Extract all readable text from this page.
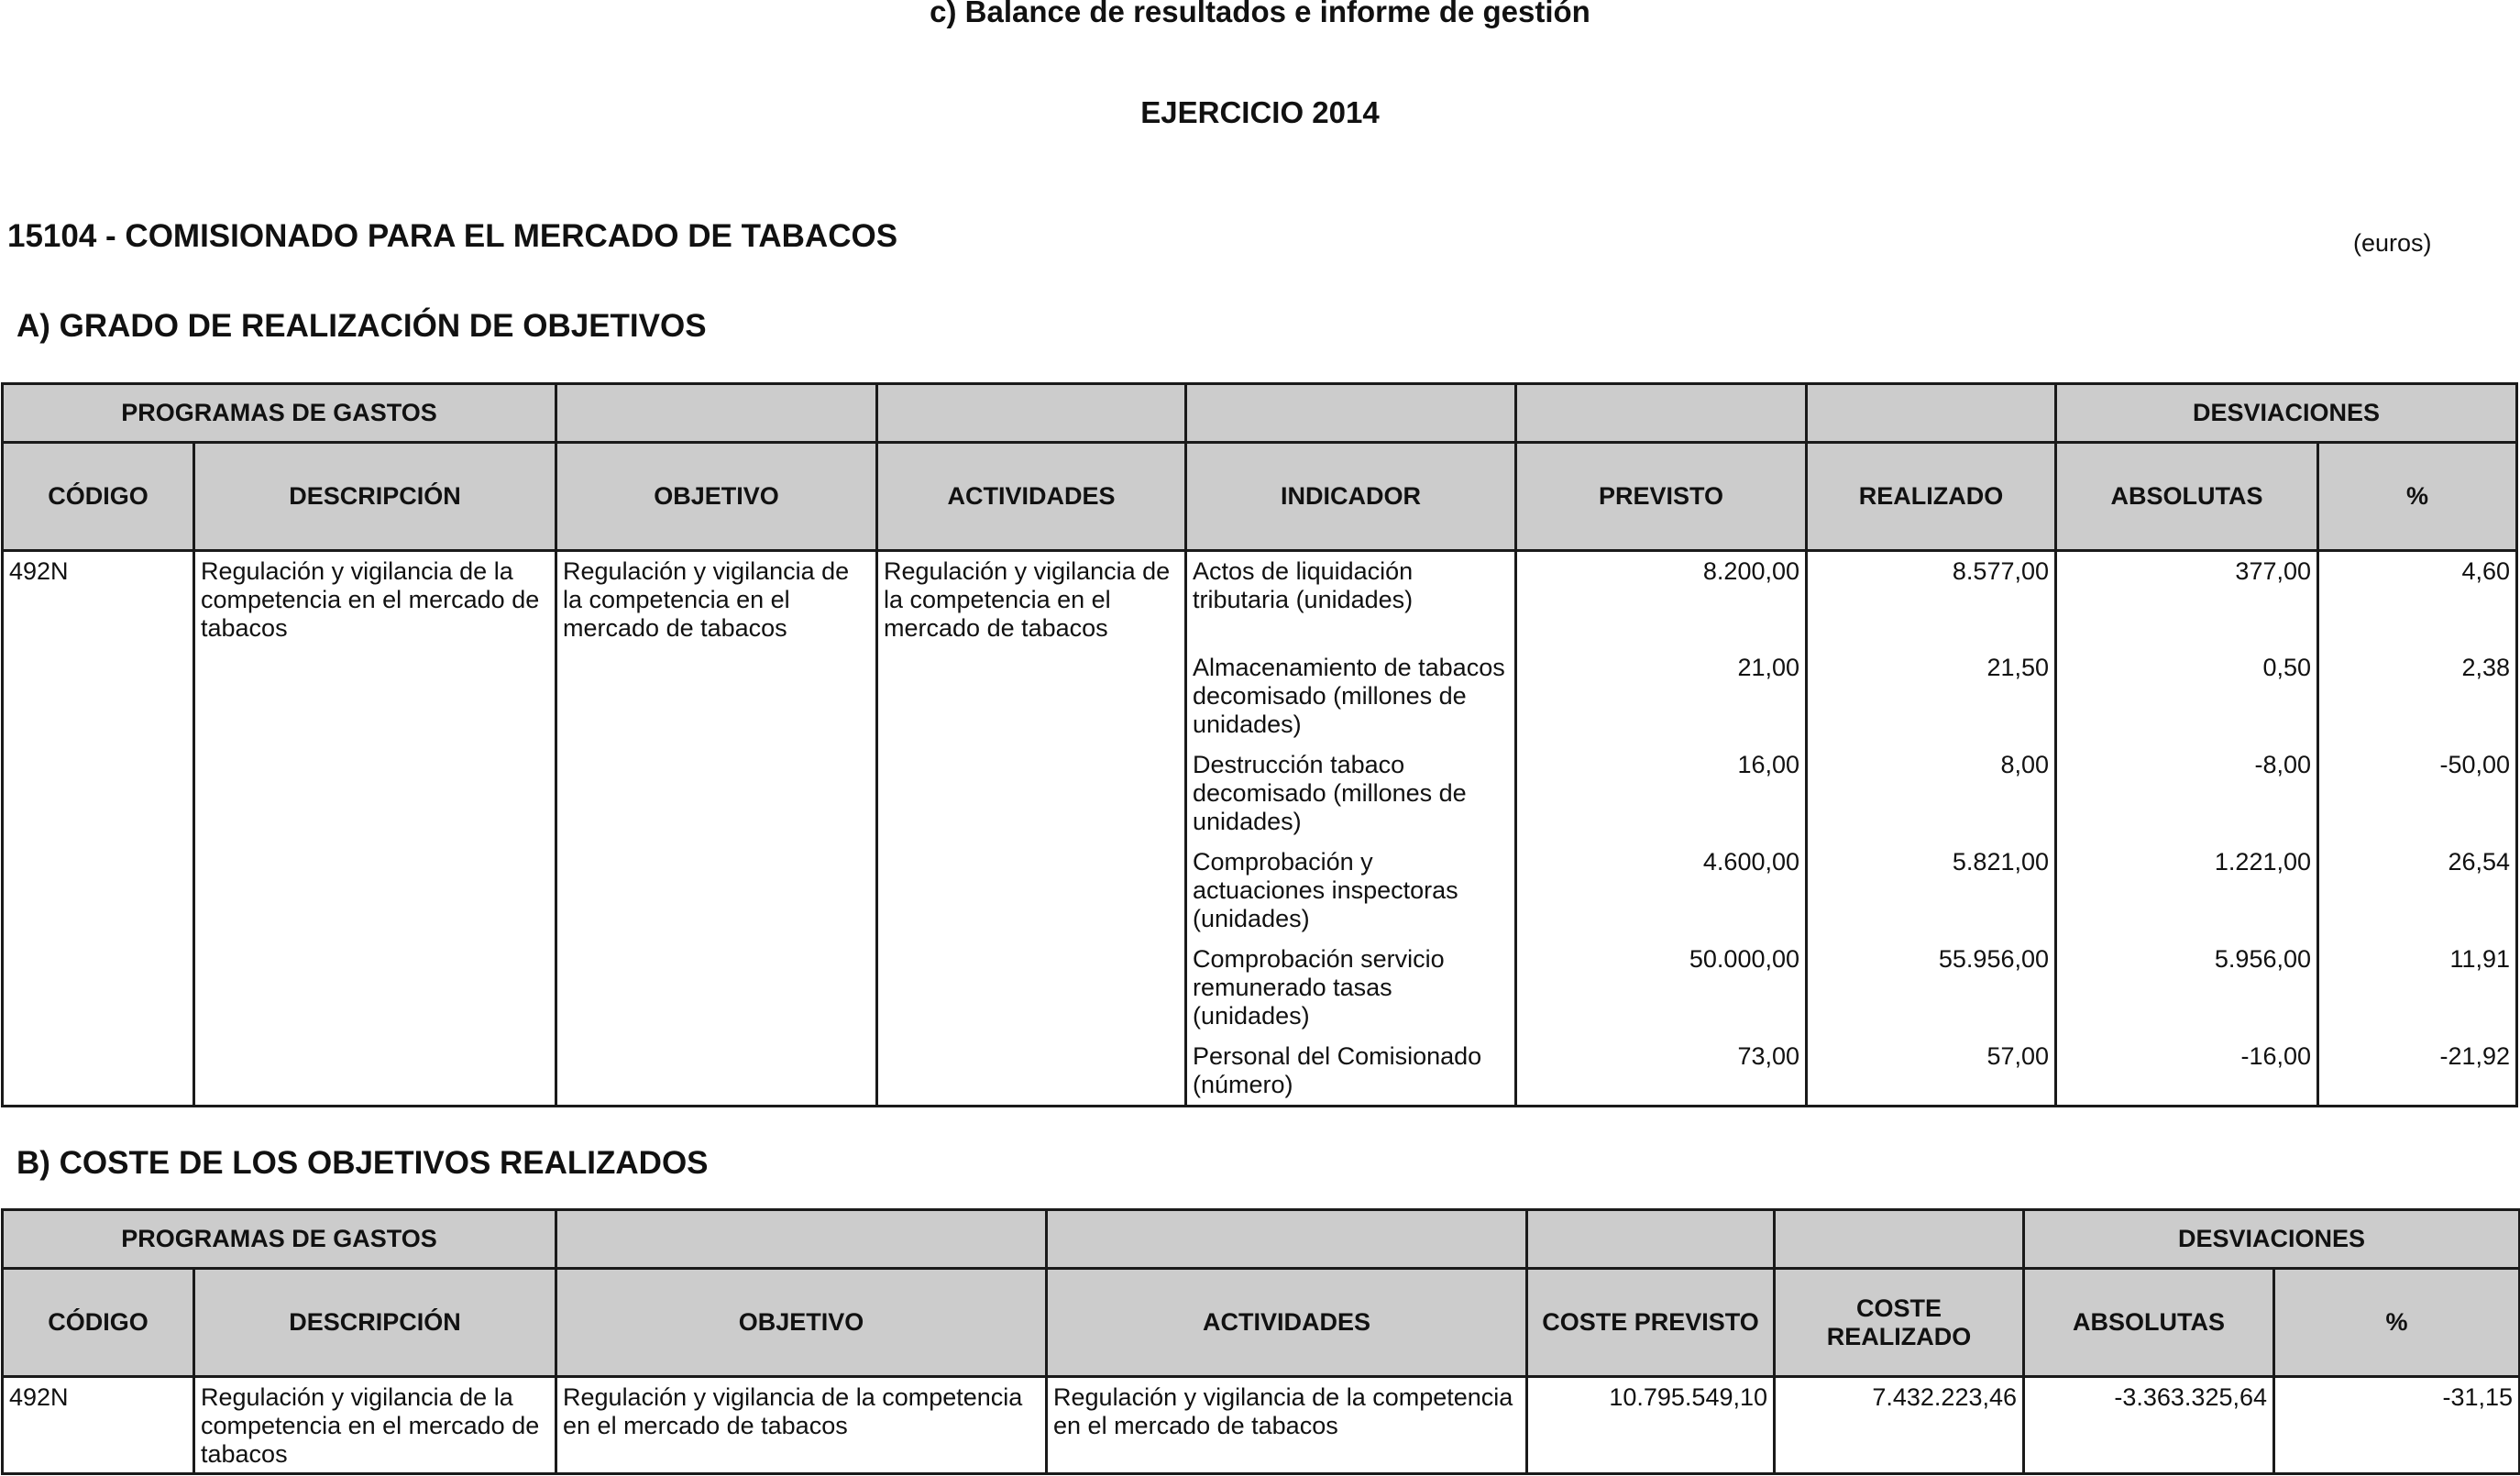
c) Balance de resultados e informe de gestión
EJERCICIO 2014
15104 - COMISIONADO PARA EL MERCADO DE TABACOS	(euros)
A) GRADO DE REALIZACIÓN DE OBJETIVOS
PROGRAMAS DE GASTOS							DESVIACIONES	
CÓDIGO	DESCRIPCIÓN	OBJETIVO	ACTIVIDADES	INDICADOR	PREVISTO	REALIZADO	ABSOLUTAS	%

492N	Regulación y vigilancia de la competencia en el mercado de tabacos	Regulación y vigilancia de la competencia en el mercado de tabacos	Regulación y vigilancia de la competencia en el mercado de tabacos	Actos de liquidación tributaria (unidades)	8.200,00	8.577,00	377,00	4,60

				Almacenamiento de tabacos decomisado (millones de unidades)	21,00	21,50	0,50	2,38

				Destrucción tabaco decomisado (millones de unidades)	16,00	8,00	-8,00	-50,00

				Comprobación y actuaciones inspectoras (unidades)	4.600,00	5.821,00	1.221,00	26,54

				Comprobación servicio remunerado tasas (unidades)	50.000,00	55.956,00	5.956,00	11,91

				Personal del Comisionado (número)	73,00	57,00	-16,00	-21,92
B) COSTE DE LOS OBJETIVOS REALIZADOS
PROGRAMAS DE GASTOS						DESVIACIONES	
CÓDIGO	DESCRIPCIÓN	OBJETIVO	ACTIVIDADES	COSTE PREVISTO	COSTE REALIZADO	ABSOLUTAS	%

492N	Regulación y vigilancia de la competencia en el mercado de tabacos	Regulación y vigilancia de la competencia en el mercado de tabacos	Regulación y vigilancia de la competencia en el mercado de tabacos	10.795.549,10	7.432.223,46	-3.363.325,64	-31,15
